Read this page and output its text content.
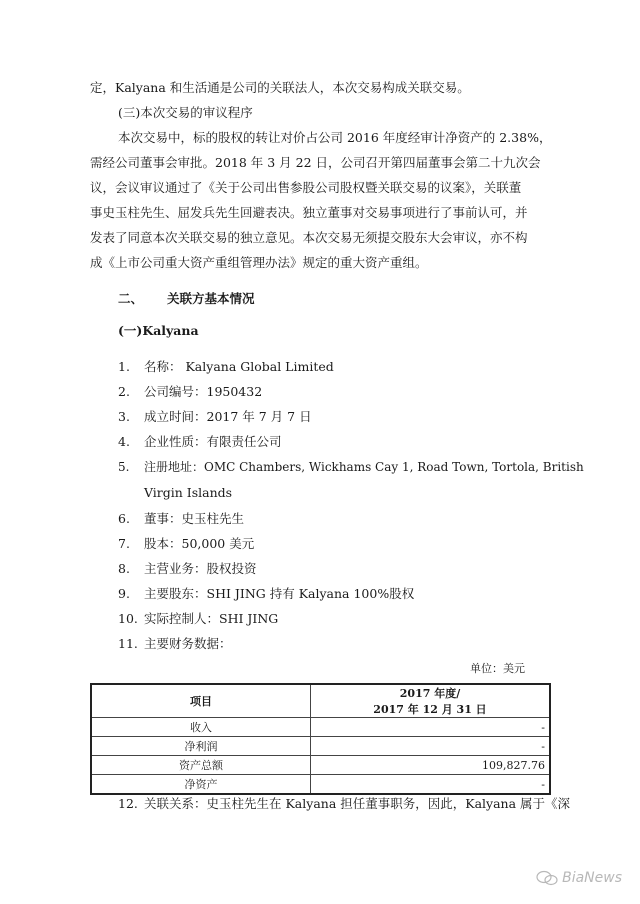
定，Kalyana 和生活通是公司的关联法人，本次交易构成关联交易。
(三)本次交易的审议程序
本次交易中，标的股权的转让对价占公司 2016 年度经审计净资产的 2.38%，
需经公司董事会审批。2018 年 3 月 22 日，公司召开第四届董事会第二十九次会
议，会议审议通过了《关于公司出售参股公司股权暨关联交易的议案》，关联董
事史玉柱先生、屈发兵先生回避表决。独立董事对交易事项进行了事前认可，并
发表了同意本次关联交易的独立意见。本次交易无须提交股东大会审议，亦不构
成《上市公司重大资产重组管理办法》规定的重大资产重组。
二、 关联方基本情况
(一)Kalyana
1. 名称： Kalyana Global Limited
2. 公司编号：1950432
3. 成立时间：2017 年 7 月 7 日
4. 企业性质：有限责任公司
5. 注册地址：OMC Chambers, Wickhams Cay 1, Road Town, Tortola, British
Virgin Islands
6. 董事：史玉柱先生
7. 股本：50,000 美元
8. 主营业务：股权投资
9. 主要股东：SHI JING 持有 Kalyana 100%股权
10. 实际控制人：SHI JING
11. 主要财务数据：
单位：美元
项目	2017 年度/
2017 年 12 月 31 日

收入	-
净利润	-
资产总额	109,827.76
净资产	-
12. 关联关系：史玉柱先生在 Kalyana 担任董事职务，因此，Kalyana 属于《深
BiaNews
